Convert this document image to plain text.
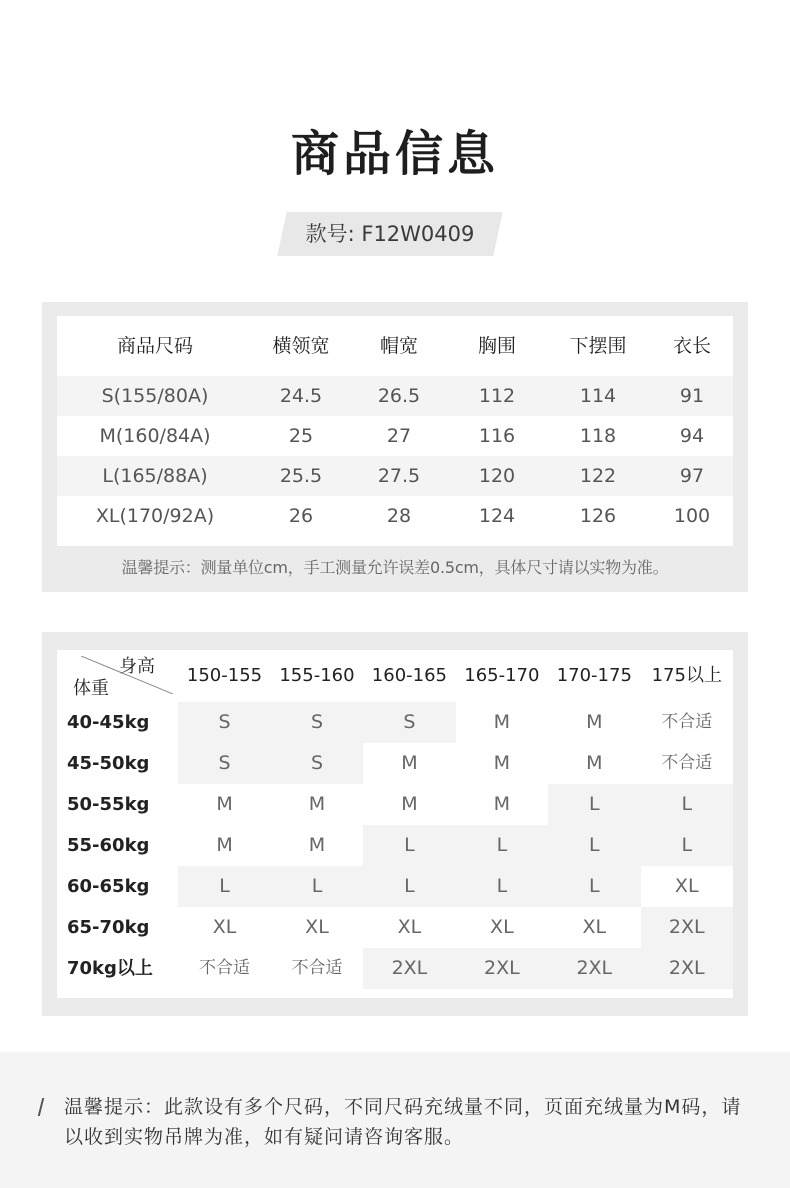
商品信息
款号: F12W0409
商品尺码	横领宽	帽宽	胸围	下摆围	衣长
S(155/80A)	24.5	26.5	112	114	91
M(160/84A)	25	27	116	118	94
L(165/88A)	25.5	27.5	120	122	97
XL(170/92A)	26	28	124	126	100
温馨提示：测量单位cm，手工测量允许误差0.5cm，具体尺寸请以实物为准。
身高
体重
150-155 155-160 160-165 165-170 170-175	175以上
40-45kg	S	S	S	M	M	不合适
45-50kg	S	S	M	M	M	不合适
50-55kg	M	M	M	M	L	L
55-60kg	M	M	L	L	L	L
60-65kg	L	L	L	L	L	XL
65-70kg	XL	XL	XL	XL	XL	2XL
70kg以上	不合适	不合适	2XL	2XL	2XL	2XL
温馨提示：此款设有多个尺码，不同尺码充绒量不同，页面充绒量为M码，请以收到实物吊牌为准，如有疑问请咨询客服。
